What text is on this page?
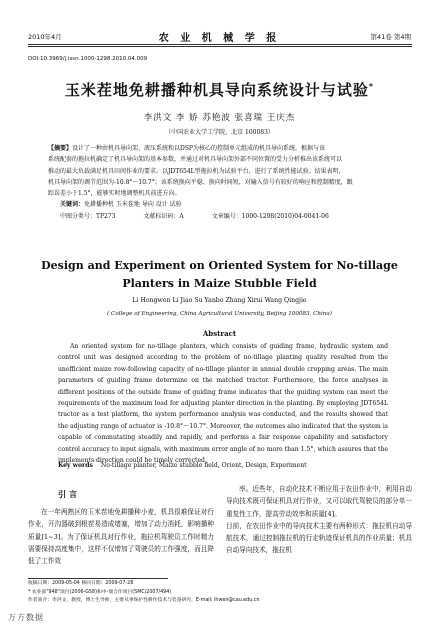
2010年4月	农 业 机 械 学 报	第41卷 第4期
DOI:10.3969/j.issn.1000-1298.2010.04.009
玉米茬地免耕播种机具导向系统设计与试验*
李洪文 李 娇 苏艳波 张喜瑞 王庆杰
（中国农业大学工学院，北京 100083）
【摘要】设计了一种由机具导向架、液压系统和以DSP为核心的控制单元组成的机具导向系统。根据与该
系统配套的拖拉机确定了机具导向架的基本参数，并通过对机具导向架外部不同位置的受力分析推出该系统可以
推动的最大负载满足机具田间作业的要求。以JDT654L型拖拉机为试验平台，进行了系统性能试验。结果表明，
机具导向架的调节范围为-10.8°～10.7°；该系统换向平稳、换向时间短，对输入信号有较好的响应和控制精度，跟
踪误差小于1.5°，能够实时地调整机具前进方向。
关键词：免耕播种机 玉米茬地 导向 设计 试验
中图分类号：TP273	文献标识码：A	文章编号：1000-1298(2010)04-0041-06
Design and Experiment on Oriented System for No-tillage
Planters in Maize Stubble Field
Li Hongwen Li Jiao Su Yanbo Zhang Xirui Wang Qingjie
( College of Engineering, China Agricultural University, Beijing 100083, China)
Abstract
An oriented system for no-tillage planters, which consists of guiding frame, hydraulic system and control unit was designed according to the problem of no-tillage planting quality resulted from the unefficient maize row-following capacity of no-tillage planter in annual double cropping areas. The main parameters of guiding frame determine on the matched tractor. Furthermore, the force analyses in different positions of the outside frame of guiding frame indicates that the guiding system can meet the requirements of the maximum load for adjusting planter direction in the planting. By employing JDT654L tractor as a test platform, the system performance analysis was conducted, and the results showed that the adjusting range of actuator is -10.8°～10.7°. Moreover, the outcomes also indicated that the system is capable of commutating steadily and rapidly, and performs a fair response capability and satisfactory control accuracy to input signals, with maximum error angle of no more than 1.5°, which assures that the implements direction could be timely corrected.
Key words No-tillage planter, Maize stubble field, Orient, Design, Experiment
引言
在一年两熟区的玉米茬地免耕播种小麦，机具很难保证对行作业，开沟器破到根茬易造成堵塞，增加了动力消耗，影响播种质量[1~3]。为了保证机具对行作业，拖拉机驾驶员工作时精力需要保持高度集中，这样不仅增加了驾驶员的工作强度，而且降低了工作效
率。近些年，自动化技术不断应用于农田作业中，利用自动导向技术既可保证机具对行作业，又可以取代驾驶员的部分单一重复性工作，提高劳动效率和质量[4]。
目前，在农田作业中的导向技术主要有两种形式：拖拉机自动导航技术，通过控制拖拉机的行走轨迹保证机具的作业质量；机具自动导向技术，拖拉机
收稿日期：2009-05-04 修回日期：2009-07-28
* 农业部"948"项目(2006-G58)和中-瑞合作项目(SMC/2007/494)
作者简介：李洪文，教授，博士生导师，主要从事保护性耕作技术与装备研究，E-mail: lhwen@cau.edu.cn
万方数据
